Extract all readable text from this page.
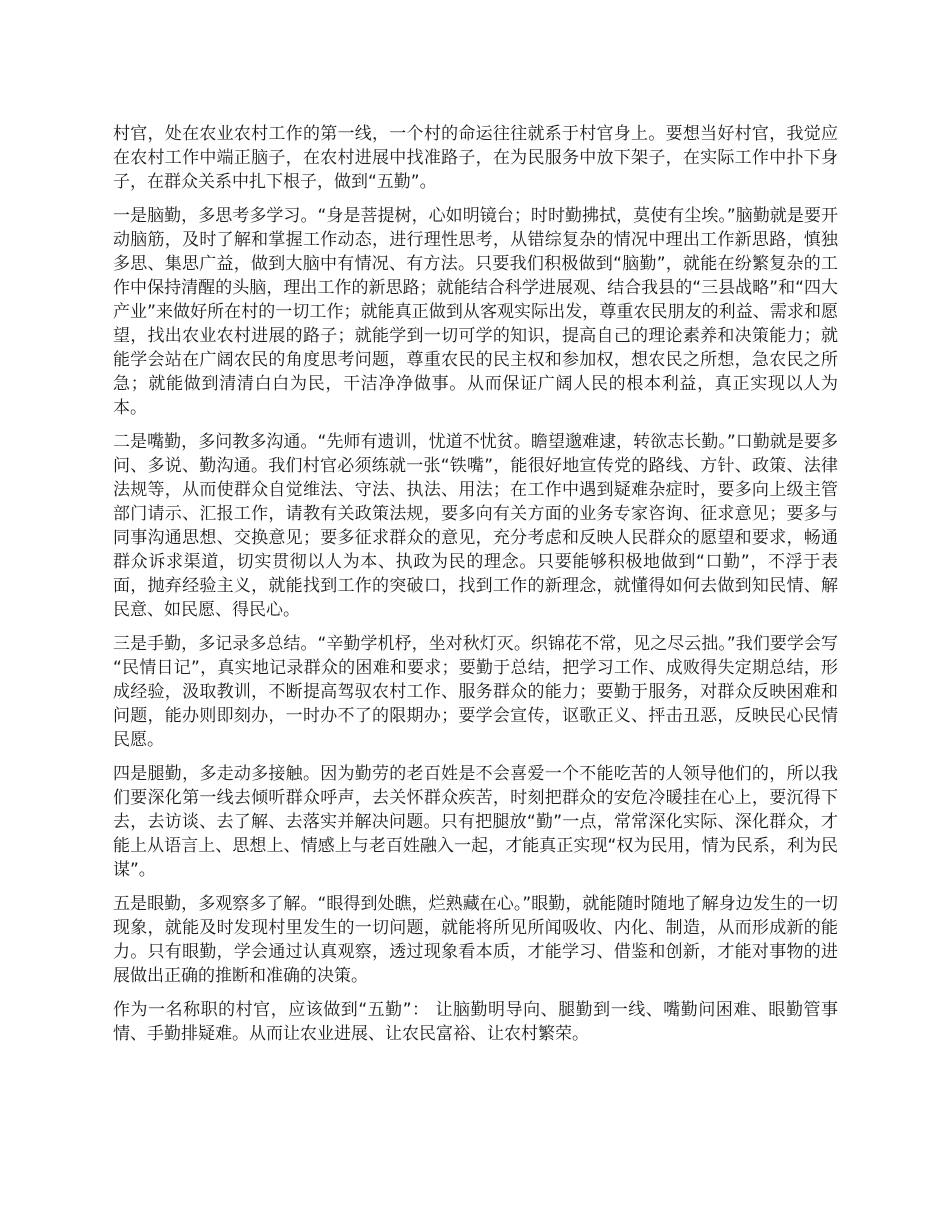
村官，处在农业农村工作的第一线，一个村的命运往往就系于村官身上。要想当好村官，我觉应在农村工作中端正脑子，在农村进展中找准路子，在为民服务中放下架子，在实际工作中扑下身子，在群众关系中扎下根子，做到“五勤”。

一是脑勤，多思考多学习。“身是菩提树，心如明镜台；时时勤拂拭，莫使有尘埃。”脑勤就是要开动脑筋，及时了解和掌握工作动态，进行理性思考，从错综复杂的情况中理出工作新思路，慎独多思、集思广益，做到大脑中有情况、有方法。只要我们积极做到“脑勤”，就能在纷繁复杂的工作中保持清醒的头脑，理出工作的新思路；就能结合科学进展观、结合我县的“三县战略”和“四大产业”来做好所在村的一切工作；就能真正做到从客观实际出发，尊重农民朋友的利益、需求和愿望，找出农业农村进展的路子；就能学到一切可学的知识，提高自己的理论素养和决策能力；就能学会站在广阔农民的角度思考问题，尊重农民的民主权和参加权，想农民之所想，急农民之所急；就能做到清清白白为民，干洁净净做事。从而保证广阔人民的根本利益，真正实现以人为本。

二是嘴勤，多问教多沟通。“先师有遗训，忧道不忧贫。瞻望邈难逮，转欲志长勤。”口勤就是要多问、多说、勤沟通。我们村官必须练就一张“铁嘴”，能很好地宣传党的路线、方针、政策、法律法规等，从而使群众自觉维法、守法、执法、用法；在工作中遇到疑难杂症时，要多向上级主管部门请示、汇报工作，请教有关政策法规，要多向有关方面的业务专家咨询、征求意见；要多与同事沟通思想、交换意见；要多征求群众的意见，充分考虑和反映人民群众的愿望和要求，畅通群众诉求渠道，切实贯彻以人为本、执政为民的理念。只要能够积极地做到“口勤”，不浮于表面，抛弃经验主义，就能找到工作的突破口，找到工作的新理念，就懂得如何去做到知民情、解民意、如民愿、得民心。

三是手勤，多记录多总结。“辛勤学机杼，坐对秋灯灭。织锦花不常，见之尽云拙。”我们要学会写 “民情日记”，真实地记录群众的困难和要求；要勤于总结，把学习工作、成败得失定期总结，形成经验，汲取教训，不断提高驾驭农村工作、服务群众的能力；要勤于服务，对群众反映困难和问题，能办则即刻办，一时办不了的限期办；要学会宣传，讴歌正义、抨击丑恶，反映民心民情民愿。

四是腿勤，多走动多接触。因为勤劳的老百姓是不会喜爱一个不能吃苦的人领导他们的，所以我们要深化第一线去倾听群众呼声，去关怀群众疾苦，时刻把群众的安危冷暖挂在心上，要沉得下去，去访谈、去了解、去落实并解决问题。只有把腿放“勤”一点，常常深化实际、深化群众，才能上从语言上、思想上、情感上与老百姓融入一起，才能真正实现“权为民用，情为民系，利为民谋”。

五是眼勤，多观察多了解。“眼得到处瞧，烂熟藏在心。”眼勤，就能随时随地了解身边发生的一切现象，就能及时发现村里发生的一切问题，就能将所见所闻吸收、内化、制造，从而形成新的能力。只有眼勤，学会通过认真观察，透过现象看本质，才能学习、借鉴和创新，才能对事物的进展做出正确的推断和准确的决策。

作为一名称职的村官，应该做到“五勤”： 让脑勤明导向、腿勤到一线、嘴勤问困难、眼勤管事情、手勤排疑难。从而让农业进展、让农民富裕、让农村繁荣。
